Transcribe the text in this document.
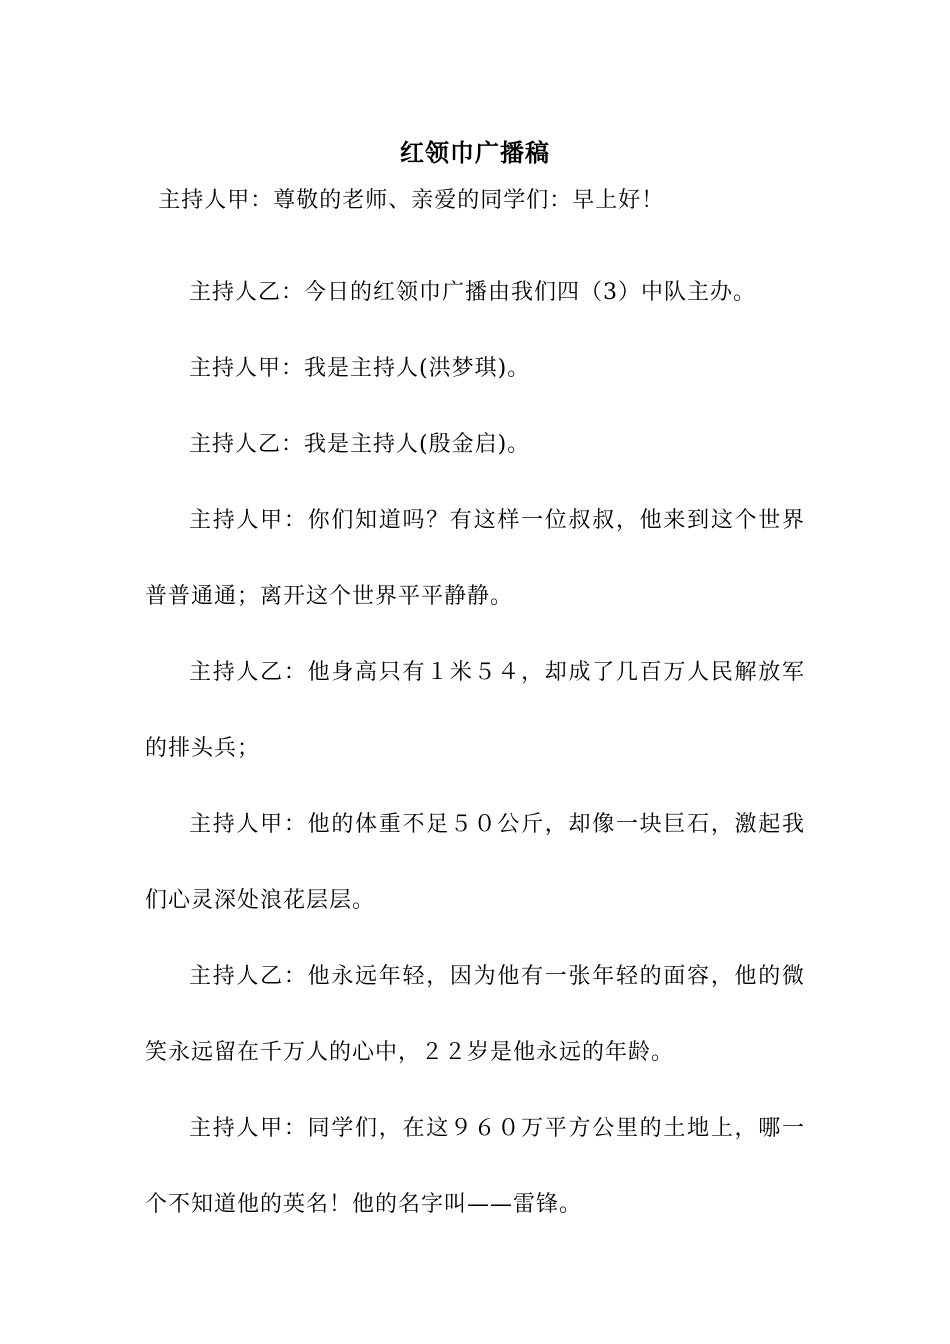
红领巾广播稿

主持人甲：尊敬的老师、亲爱的同学们：早上好！

主持人乙：今日的红领巾广播由我们四（3）中队主办。

主持人甲：我是主持人(洪梦琪)。

主持人乙：我是主持人(殷金启)。

主持人甲：你们知道吗？有这样一位叔叔，他来到这个世界普普通通；离开这个世界平平静静。

主持人乙：他身高只有１米５４，却成了几百万人民解放军的排头兵；

主持人甲：他的体重不足５０公斤，却像一块巨石，激起我们心灵深处浪花层层。

主持人乙：他永远年轻，因为他有一张年轻的面容，他的微笑永远留在千万人的心中，２２岁是他永远的年龄。

主持人甲：同学们，在这９６０万平方公里的土地上，哪一个不知道他的英名！他的名字叫——雷锋。
